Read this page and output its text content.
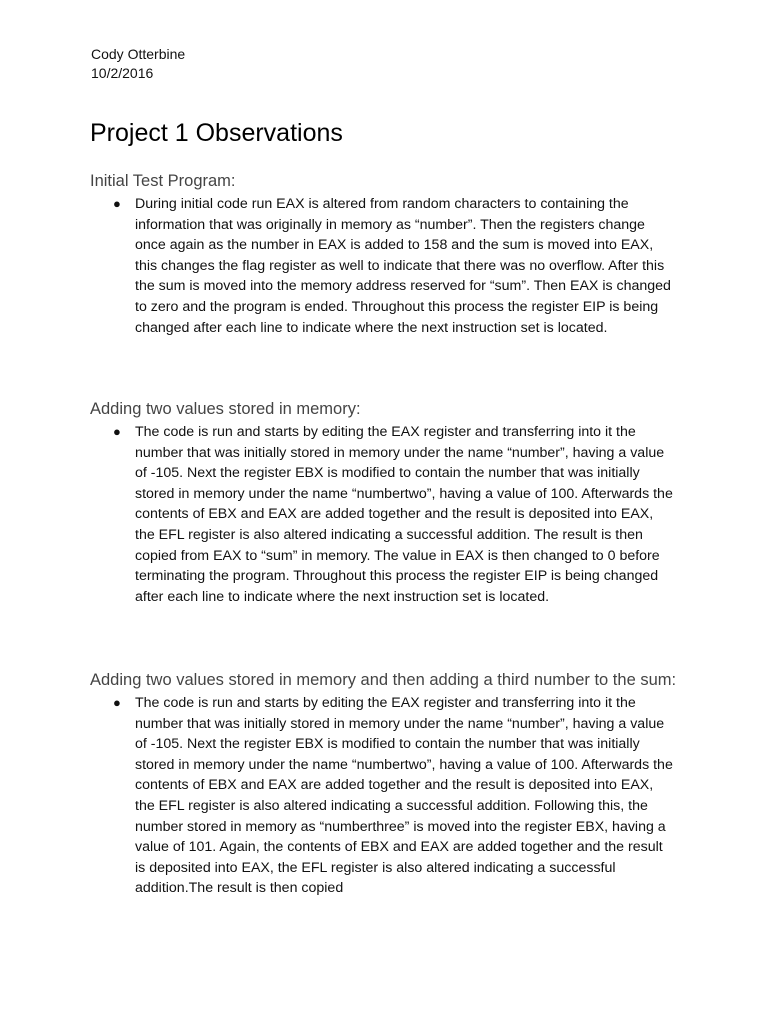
Cody Otterbine

10/2/2016

Project 1 Observations
Initial Test Program:
● During initial code run EAX is altered from random characters to containing the information that was originally in memory as “number”. Then the registers change once again as the number in EAX is added to 158 and the sum is moved into EAX, this changes the flag register as well to indicate that there was no overflow. After this the sum is moved into the memory address reserved for “sum”. Then EAX is changed to zero and the program is ended. Throughout this process the register EIP is being changed after each line to indicate where the next instruction set is located.
Adding two values stored in memory:
● The code is run and starts by editing the EAX register and transferring into it the number that was initially stored in memory under the name “number”, having a value of -105. Next the register EBX is modified to contain the number that was initially stored in memory under the name “numbertwo”, having a value of 100. Afterwards the contents of EBX and EAX are added together and the result is deposited into EAX, the EFL register is also altered indicating a successful addition. The result is then copied from EAX to “sum” in memory. The value in EAX is then changed to 0 before terminating the program. Throughout this process the register EIP is being changed after each line to indicate where the next instruction set is located.
Adding two values stored in memory and then adding a third number to the sum:
● The code is run and starts by editing the EAX register and transferring into it the number that was initially stored in memory under the name “number”, having a value of -105. Next the register EBX is modified to contain the number that was initially stored in memory under the name “numbertwo”, having a value of 100. Afterwards the contents of EBX and EAX are added together and the result is deposited into EAX, the EFL register is also altered indicating a successful addition. Following this, the number stored in memory as “numberthree” is moved into the register EBX, having a value of 101. Again, the contents of EBX and EAX are added together and the result is deposited into EAX, the EFL register is also altered indicating a successful addition.The result is then copied
